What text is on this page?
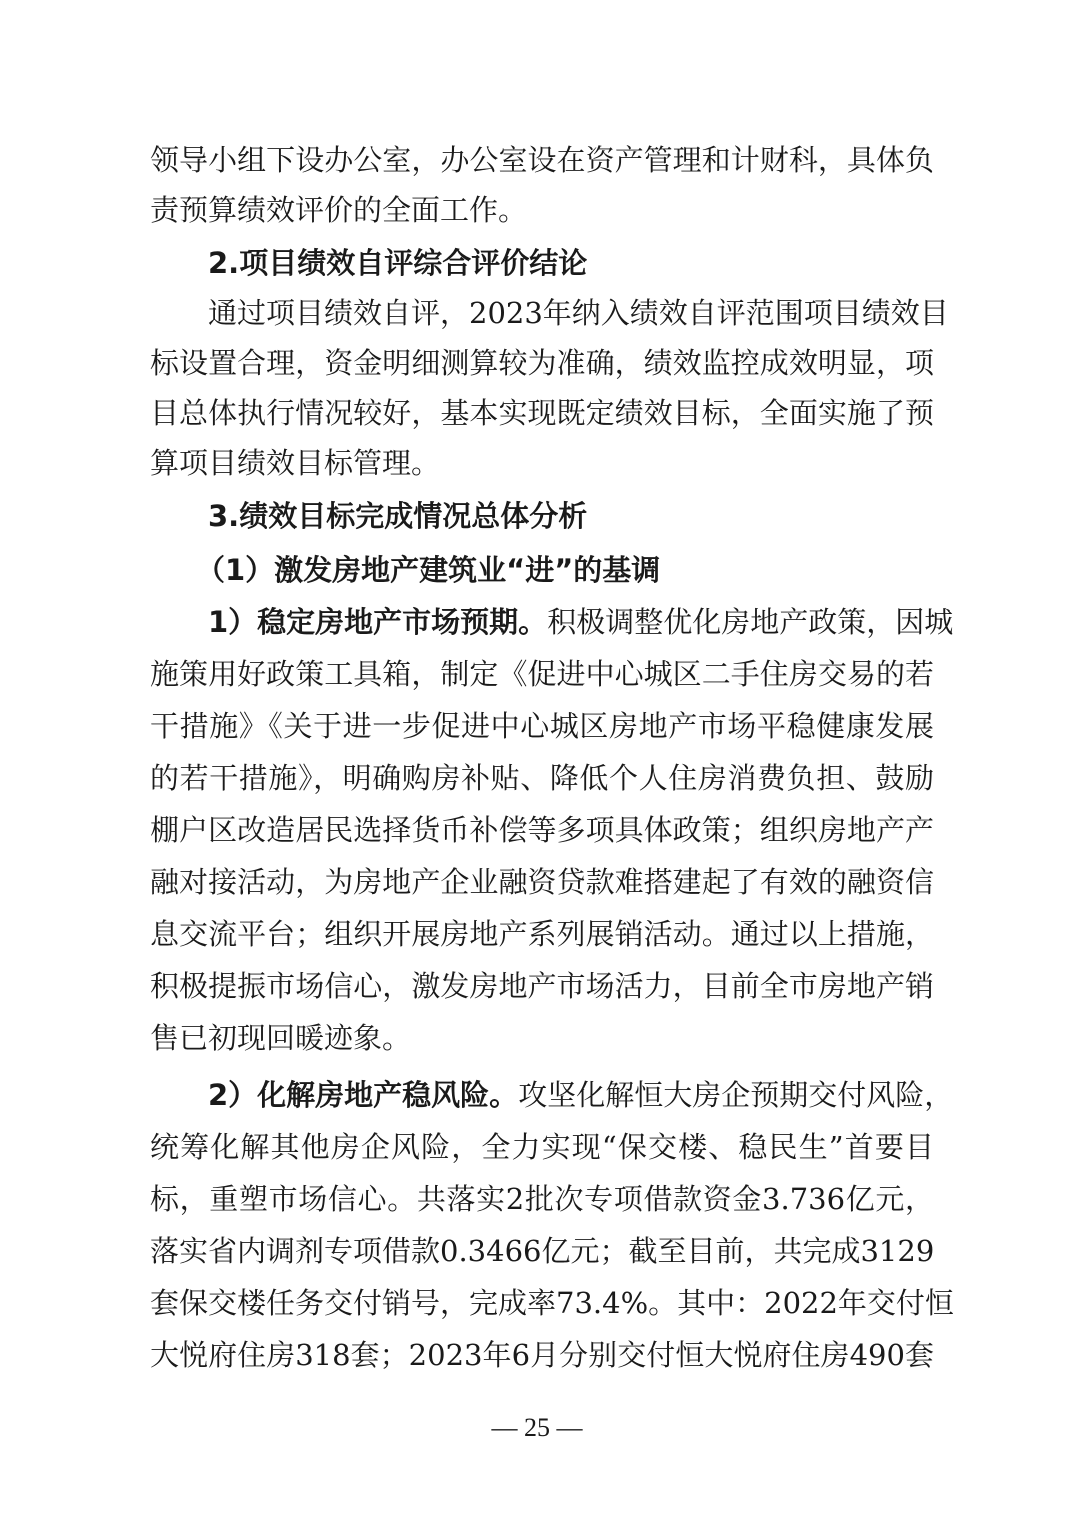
领导小组下设办公室，办公室设在资产管理和计财科，具体负
责预算绩效评价的全面工作。
2.项目绩效自评综合评价结论
通过项目绩效自评，2023年纳入绩效自评范围项目绩效目
标设置合理，资金明细测算较为准确，绩效监控成效明显，项
目总体执行情况较好，基本实现既定绩效目标，全面实施了预
算项目绩效目标管理。
3.绩效目标完成情况总体分析
（1）激发房地产建筑业“进”的基调
1）稳定房地产市场预期。积极调整优化房地产政策，因城
施策用好政策工具箱，制定《促进中心城区二手住房交易的若
干措施》《关于进一步促进中心城区房地产市场平稳健康发展
的若干措施》，明确购房补贴、降低个人住房消费负担、鼓励
棚户区改造居民选择货币补偿等多项具体政策；组织房地产产
融对接活动，为房地产企业融资贷款难搭建起了有效的融资信
息交流平台；组织开展房地产系列展销活动。通过以上措施，
积极提振市场信心，激发房地产市场活力，目前全市房地产销
售已初现回暖迹象。
2）化解房地产稳风险。攻坚化解恒大房企预期交付风险，
统筹化解其他房企风险，全力实现“保交楼、稳民生”首要目
标，重塑市场信心。共落实2批次专项借款资金3.736亿元，
落实省内调剂专项借款0.3466亿元；截至目前，共完成3129
套保交楼任务交付销号，完成率73.4%。其中：2022年交付恒
大悦府住房318套；2023年6月分别交付恒大悦府住房490套
— 25 —
